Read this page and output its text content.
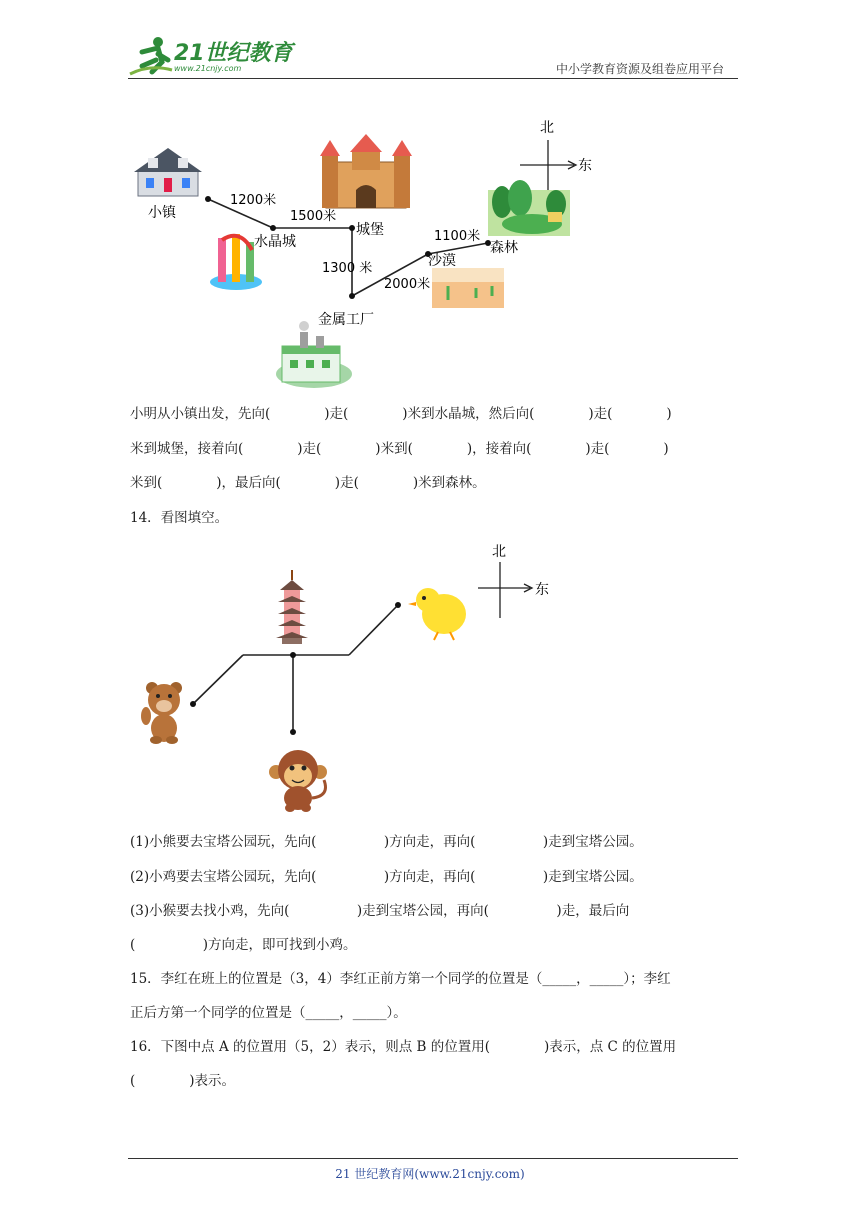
21世纪教育
www.21cnjy.com	中小学教育资源及组卷应用平台
北
东
小镇
水晶城
城堡
沙漠
森林
金属工厂
1200米
1500米
1300 米
2000米
1100米
小明从小镇出发，先向(　　　　)走(　　　　)米到水晶城，然后向(　　　　)走(　　　　)
米到城堡，接着向(　　　　)走(　　　　)米到(　　　　)，接着向(　　　　)走(　　　　)
米到(　　　　)，最后向(　　　　)走(　　　　)米到森林。
14．看图填空。
北
东
(1)小熊要去宝塔公园玩，先向(　　　　　)方向走，再向(　　　　　)走到宝塔公园。
(2)小鸡要去宝塔公园玩，先向(　　　　　)方向走，再向(　　　　　)走到宝塔公园。
(3)小猴要去找小鸡，先向(　　　　　)走到宝塔公园，再向(　　　　　)走，最后向
(　　　　　)方向走，即可找到小鸡。
15．李红在班上的位置是（3，4）李红正前方第一个同学的位置是（_____，_____）；李红
正后方第一个同学的位置是（_____，_____）。
16．下图中点 A 的位置用（5，2）表示，则点 B 的位置用(　　　　)表示，点 C 的位置用
(　　　　)表示。
21 世纪教育网(www.21cnjy.com)
